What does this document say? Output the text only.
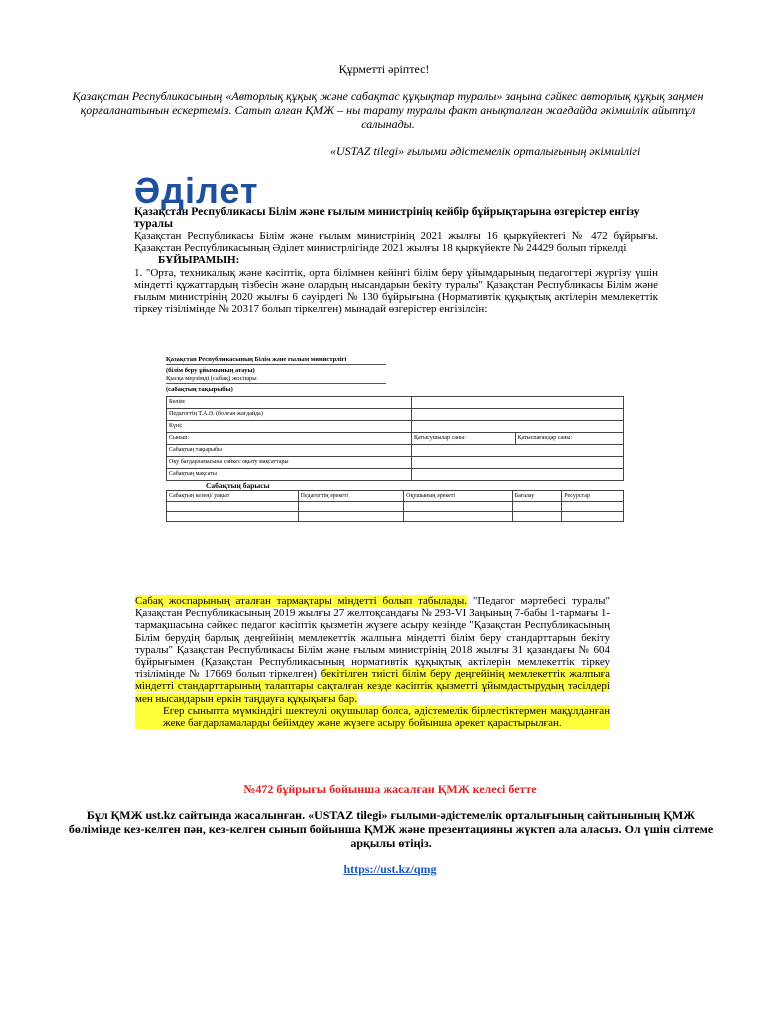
Құрметті әріптес!
Қазақстан Республикасының «Авторлық құқық және сабақтас құқықтар туралы» заңына сәйкес авторлық құқық заңмен қорғаланатынын ескертеміз. Сатып алған ҚМЖ – ны тарату туралы факт анықталған жағдайда әкімшілік айыппұл салынады.
«USTAZ tilegi» ғылыми әдістемелік орталығының әкімшілігі
Әділет
Қазақстан Республикасы Білім және ғылым министрінің кейбір бұйрықтарына өзгерістер енгізу туралы
Қазақстан Республикасы Білім және ғылым министрінің 2021 жылғы 16 қыркүйектегі № 472 бұйрығы. Қазақстан Республикасының Әділет министрлігінде 2021 жылғы 18 қыркүйекте № 24429 болып тіркелді
БҰЙЫРАМЫН:
1. "Орта, техникалық және кәсіптік, орта білімнен кейінгі білім беру ұйымдарының педагогтері жүргізу үшін міндетті құжаттардың тізбесін және олардың нысандарын бекіту туралы" Қазақстан Республикасы Білім және ғылым министрінің 2020 жылғы 6 сәуірдегі № 130 бұйрығына (Нормативтік құқықтық актілерін мемлекеттік тіркеу тізілімінде № 20317 болып тіркелген) мынадай өзгерістер енгізілсін:
Қазақстан Республикасының Білім және ғылым министрлігі
(білім беру ұйымының атауы)
Қысқа мерзімді (сабақ) жоспары
(сабақтың тақырыбы)
Бөлім:		
Педагогтің Т.А.Ә. (болған жағдайда)		
Күні:		
Сынып:	Қатысушылар саны:	Қатыспағандар саны:
Сабақтың тақырыбы		
Оқу бағдарламасына сәйкес оқыту мақсаттары		
Сабақтың мақсаты		
Сабақтың барысы
Сабақтың кезеңі/ уақыт	Педагогтің әрекеті	Оқушының әрекеті	Бағалау	Ресурстар

Сабақ жоспарының аталған тармақтары міндетті болып табылады. "Педагог мәртебесі туралы" Қазақстан Республикасының 2019 жылғы 27 желтоқсандағы № 293-VI Заңының 7-бабы 1-тармағы 1-тармақшасына сәйкес педагог кәсіптік қызметін жүзеге асыру кезінде "Қазақстан Республикасының Білім берудің барлық деңгейінің мемлекеттік жалпыға міндетті білім беру стандарттарын бекіту туралы" Қазақстан Республикасы Білім және ғылым министрінің 2018 жылғы 31 қазандағы № 604 бұйрығымен (Қазақстан Республикасының нормативтік құқықтық актілерін мемлекеттік тіркеу тізілімінде № 17669 болып тіркелген) бекітілген тиісті білім беру деңгейінің мемлекеттік жалпыға міндетті стандарттарының талаптары сақталған кезде кәсіптік қызметті ұйымдастырудың тәсілдері мен нысандарын еркін таңдауға құқықығы бар.
Егер сыныпта мүмкіндігі шектеулі оқушылар болса, әдістемелік бірлестіктермен мақұлданған жеке бағдарламаларды бейімдеу және жүзеге асыру бойынша әрекет қарастырылған.
№472 бұйрығы бойынша жасалған ҚМЖ келесі бетте
Бұл ҚМЖ ust.kz сайтында жасалынған. «USTAZ tilegi» ғылыми-әдістемелік орталығының сайтынының ҚМЖ бөлімінде кез-келген пән, кез-келген сынып бойынша ҚМЖ және презентацияны жүктеп ала аласыз. Ол үшін сілтеме арқылы өтіңіз.
https://ust.kz/qmg
